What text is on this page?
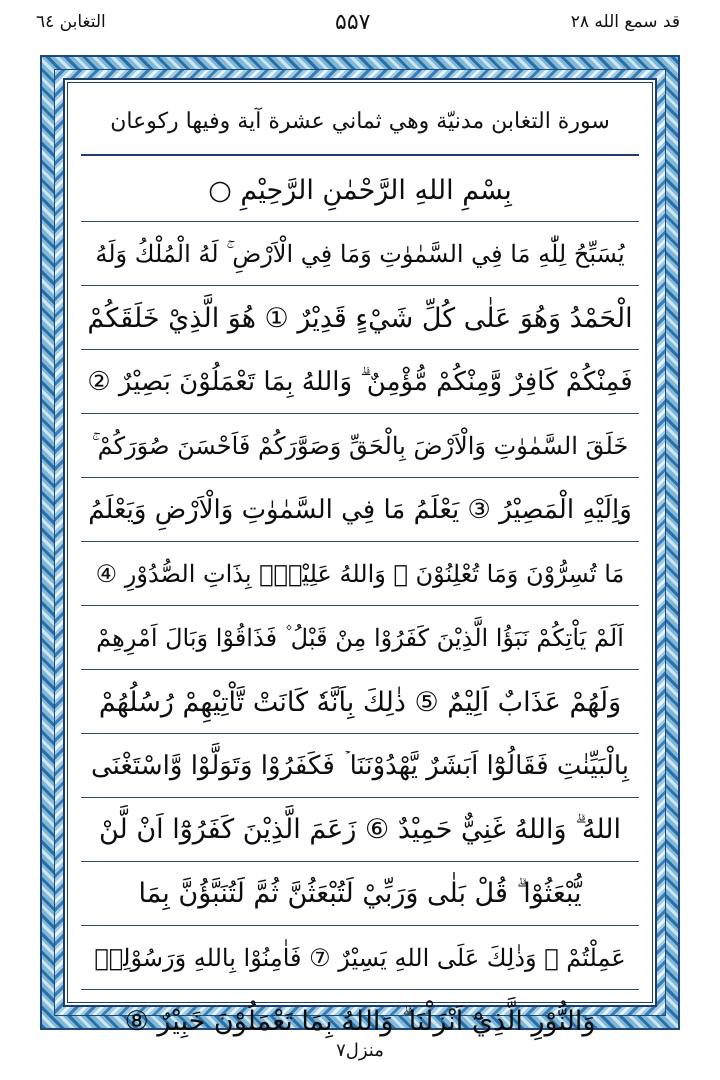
قد سمع الله ٢٨
۵۵۷
التغابن ٦٤
سورة التغابن مدنيّة وهي ثماني عشرة آية وفيها ركوعان
بِسْمِ اللهِ الرَّحْمٰنِ الرَّحِيْمِ ○
يُسَبِّحُ لِلّٰهِ مَا فِي السَّمٰوٰتِ وَمَا فِي الْاَرْضِ ۚ لَهُ الْمُلْكُ وَلَهُ
الْحَمْدُ وَهُوَ عَلٰى كُلِّ شَيْءٍ قَدِيْرٌ ① هُوَ الَّذِيْ خَلَقَكُمْ
فَمِنْكُمْ كَافِرٌ وَّمِنْكُمْ مُّؤْمِنٌ ۗ وَاللهُ بِمَا تَعْمَلُوْنَ بَصِيْرٌ ②
خَلَقَ السَّمٰوٰتِ وَالْاَرْضَ بِالْحَقِّ وَصَوَّرَكُمْ فَاَحْسَنَ صُوَرَكُمْ ۚ
وَاِلَيْهِ الْمَصِيْرُ ③ يَعْلَمُ مَا فِي السَّمٰوٰتِ وَالْاَرْضِ وَيَعْلَمُ
مَا تُسِرُّوْنَ وَمَا تُعْلِنُوْنَ ۗ وَاللهُ عَلِيْمٌۢ بِذَاتِ الصُّدُوْرِ ④
اَلَمْ يَاْتِكُمْ نَبَؤُا الَّذِيْنَ كَفَرُوْا مِنْ قَبْلُ ۫ فَذَاقُوْا وَبَالَ اَمْرِهِمْ
وَلَهُمْ عَذَابٌ اَلِيْمٌ ⑤ ذٰلِكَ بِاَنَّهٗ كَانَتْ تَّاْتِيْهِمْ رُسُلُهُمْ
بِالْبَيِّنٰتِ فَقَالُوْٓا اَبَشَرٌ يَّهْدُوْنَنَا ۡ فَكَفَرُوْا وَتَوَلَّوْا وَّاسْتَغْنَى
اللهُ ۗ وَاللهُ غَنِيٌّ حَمِيْدٌ ⑥ زَعَمَ الَّذِيْنَ كَفَرُوْٓا اَنْ لَّنْ
يُّبْعَثُوْا ۗ قُلْ بَلٰى وَرَبِّيْ لَتُبْعَثُنَّ ثُمَّ لَتُنَبَّؤُنَّ بِمَا
عَمِلْتُمْ ۗ وَذٰلِكَ عَلَى اللهِ يَسِيْرٌ ⑦ فَاٰمِنُوْا بِاللهِ وَرَسُوْلِهٖ
وَالنُّوْرِ الَّذِيْٓ اَنْزَلْنَا ۗ وَاللهُ بِمَا تَعْمَلُوْنَ خَبِيْرٌ ⑧
منزل٧
